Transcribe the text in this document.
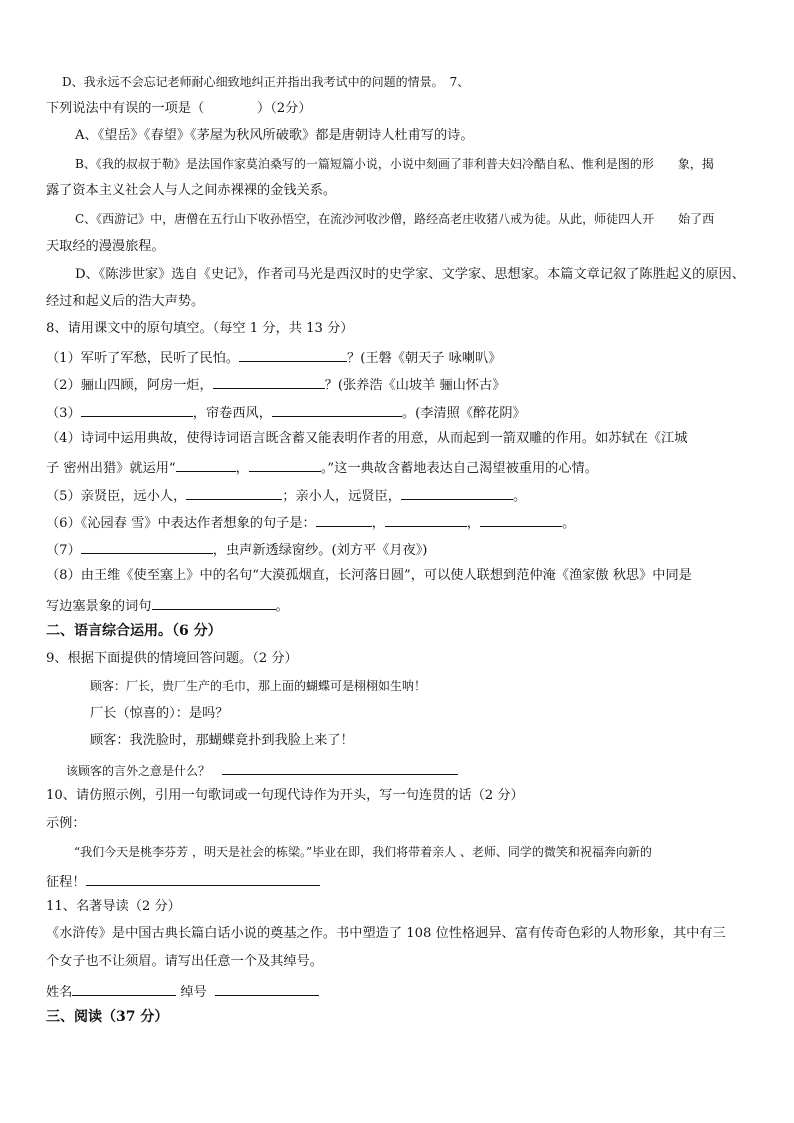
D、我永远不会忘记老师耐心细致地纠正并指出我考试中的问题的情景。　7、
下列说法中有误的一项是（　　　　）（2分）
A、《望岳》《春望》《茅屋为秋风所破歌》都是唐朝诗人杜甫写的诗。
B、《我的叔叔于勒》是法国作家莫泊桑写的一篇短篇小说，小说中刻画了菲利普夫妇冷酷自私、惟利是图的形　　象，揭
露了资本主义社会人与人之间赤裸裸的金钱关系。
C、《西游记》中，唐僧在五行山下收孙悟空，在流沙河收沙僧，路经高老庄收猪八戒为徒。从此，师徒四人开　　始了西
天取经的漫漫旅程。
D、《陈涉世家》选自《史记》，作者司马光是西汉时的史学家、文学家、思想家。本篇文章记叙了陈胜起义的原因、
经过和起义后的浩大声势。
8、请用课文中的原句填空。（每空 1 分，共 13 分）
（1）军听了军愁，民听了民怕。	？(王磐《朝天子 咏喇叭》
（2）骊山四顾，阿房一炬，	？(张养浩《山坡羊 骊山怀古》
（3）	，帘卷西风，	。(李清照《醉花阴》
（4）诗词中运用典故，使得诗词语言既含蓄又能表明作者的用意，从而起到一箭双雕的作用。如苏轼在《江城
子 密州出猎》就运用“	，	。”这一典故含蓄地表达自己渴望被重用的心情。
（5）亲贤臣，远小人，	；亲小人，远贤臣，	。
（6）《沁园春 雪》中表达作者想象的句子是：	，	，	。
（7）	，虫声新透绿窗纱。(刘方平《月夜》)
（8）由王维《使至塞上》中的名句“大漠孤烟直，长河落日圆”，可以使人联想到范仲淹《渔家傲 秋思》中同是
写边塞景象的词句	。
二、语言综合运用。（6 分）
9、根据下面提供的情境回答问题。（2 分）
顾客：厂长，贵厂生产的毛巾，那上面的蝴蝶可是栩栩如生呐！
厂长（惊喜的）：是吗？
顾客：我洗脸时，那蝴蝶竟扑到我脸上来了！
该顾客的言外之意是什么？
10、请仿照示例，引用一句歌词或一句现代诗作为开头，写一句连贯的话（2 分）
示例：
“我们今天是桃李芬芳 ，明天是社会的栋梁。”毕业在即，我们将带着亲人 、老师、同学的微笑和祝福奔向新的
征程！
11、名著导读（2 分）
《水浒传》是中国古典长篇白话小说的奠基之作。书中塑造了 108 位性格迥异、富有传奇色彩的人物形象，其中有三
个女子也不让须眉。请写出任意一个及其绰号。
姓名	绰号
三、阅读（37 分）
